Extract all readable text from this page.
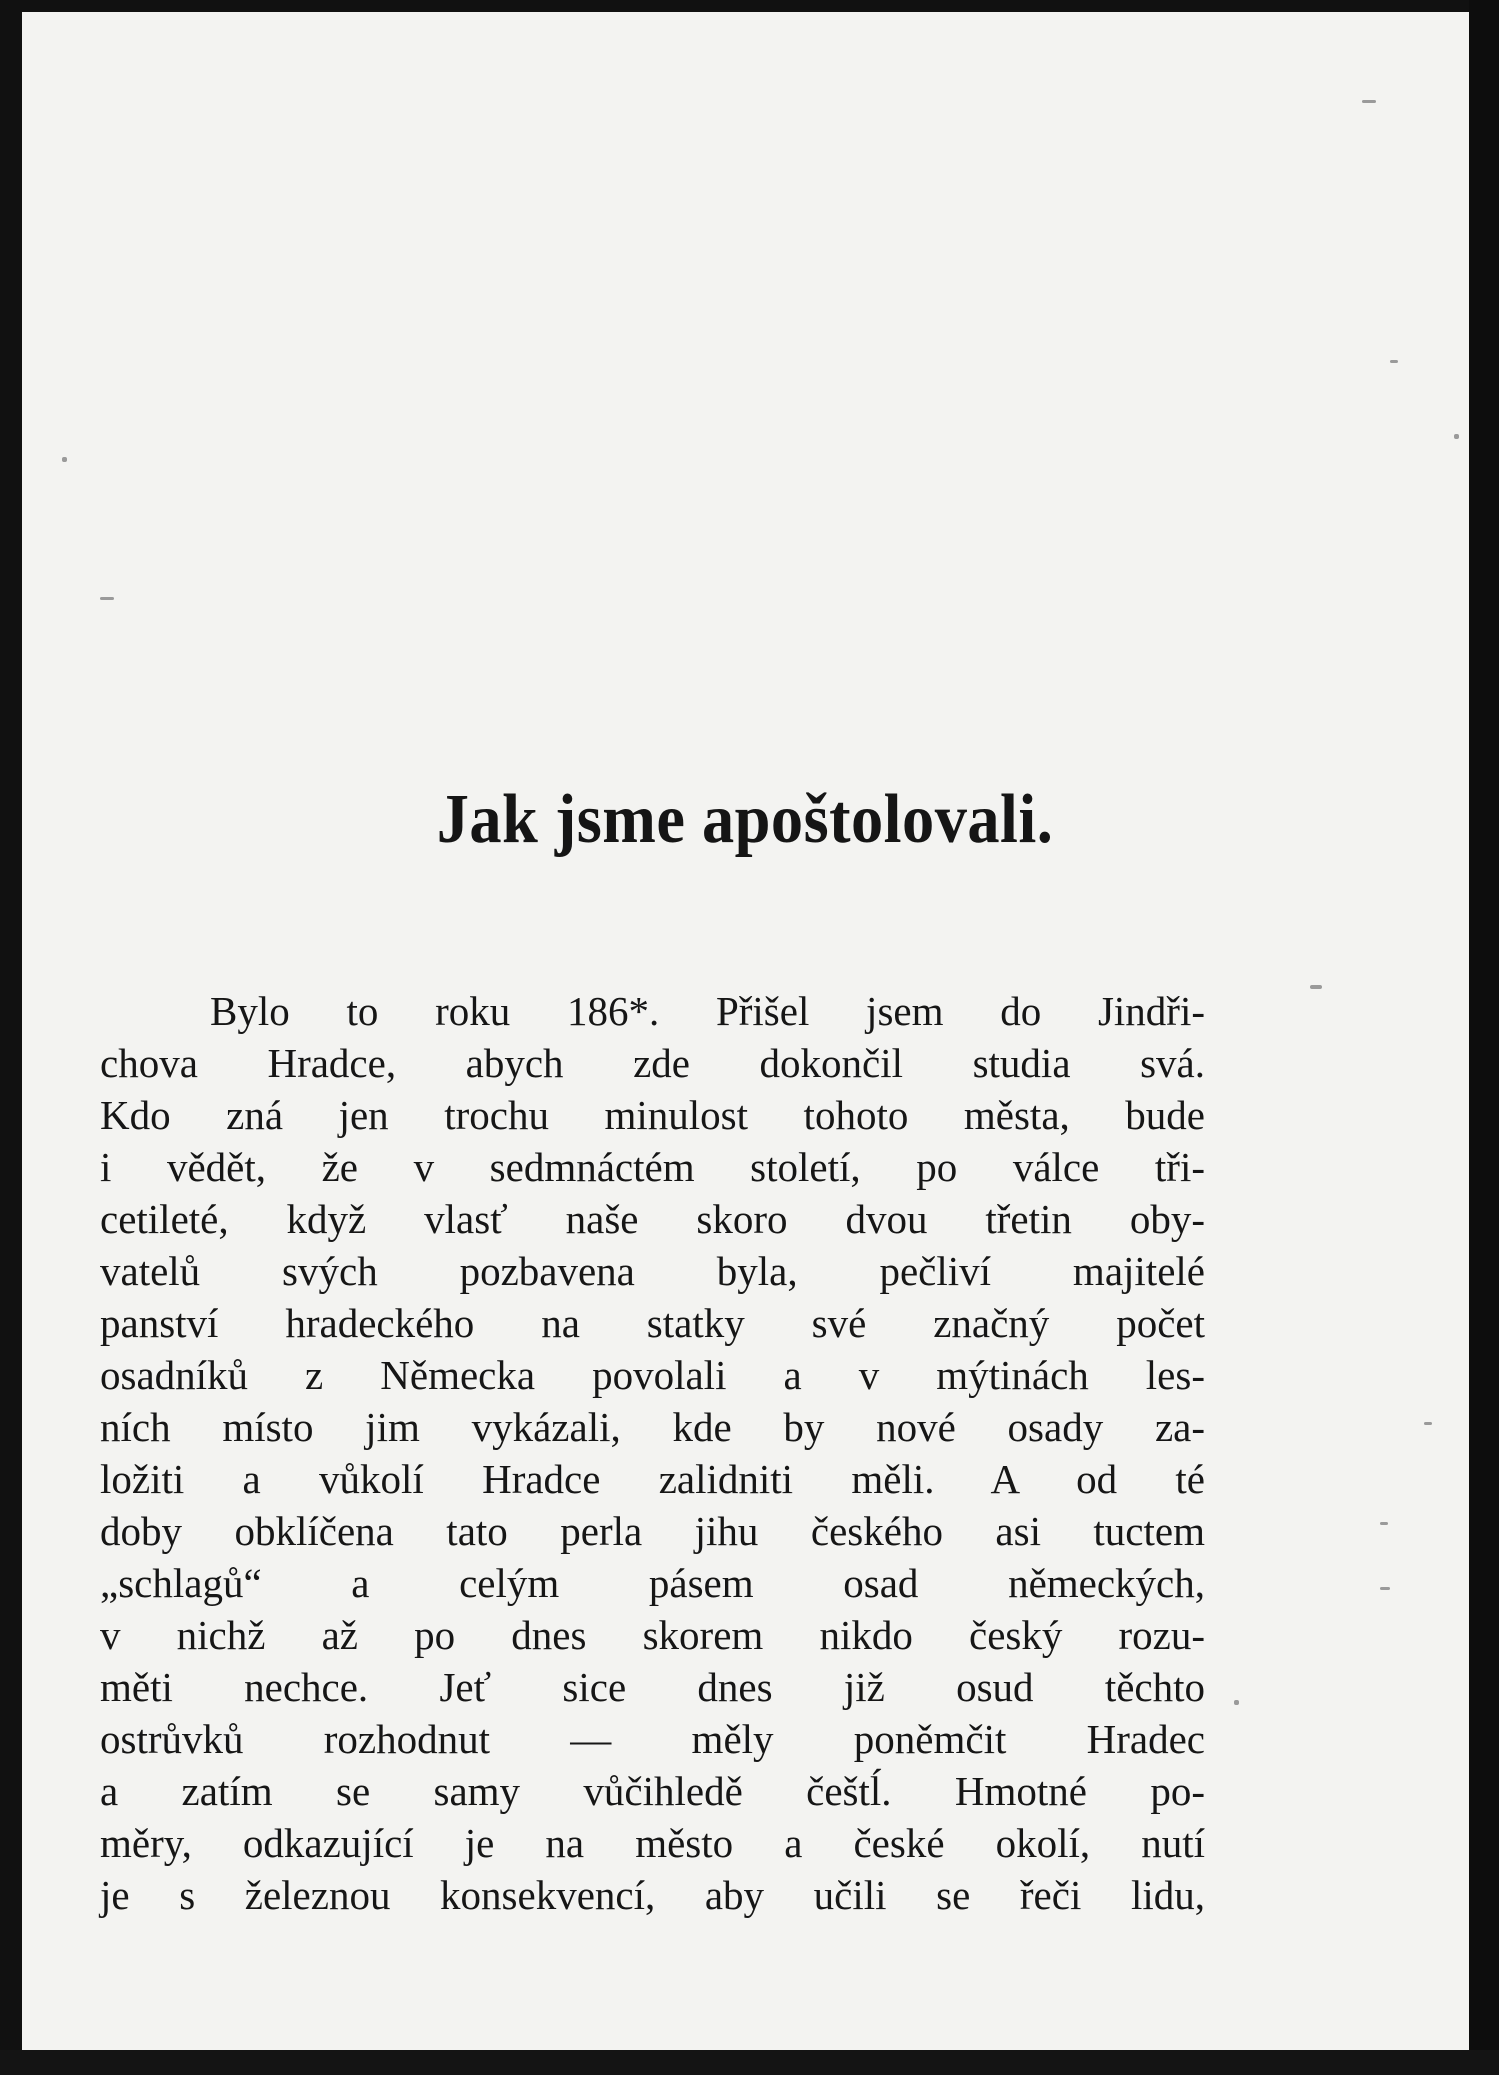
Jak jsme apoštolovali.
Bylo to roku 186*. Přišel jsem do Jindři-
chova Hradce, abych zde dokončil studia svá.
Kdo zná jen trochu minulost tohoto města, bude
i vědět, že v sedmnáctém století, po válce tři-
cetileté, když vlasť naše skoro dvou třetin oby-
vatelů svých pozbavena byla, pečliví majitelé
panství hradeckého na statky své značný počet
osadníků z Německa povolali a v mýtinách les-
ních místo jim vykázali, kde by nové osady za-
ložiti a vůkolí Hradce zalidniti měli. A od té
doby obklíčena tato perla jihu českého asi tuctem
„schlagů“ a celým pásem osad německých,
v nichž až po dnes skorem nikdo český rozu-
měti nechce. Jeť sice dnes již osud těchto
ostrůvků rozhodnut — měly poněmčit Hradec
a zatím se samy vůčihledě češtĺ. Hmotné po-
měry, odkazující je na město a české okolí, nutí
je s železnou konsekvencí, aby učili se řeči lidu,
